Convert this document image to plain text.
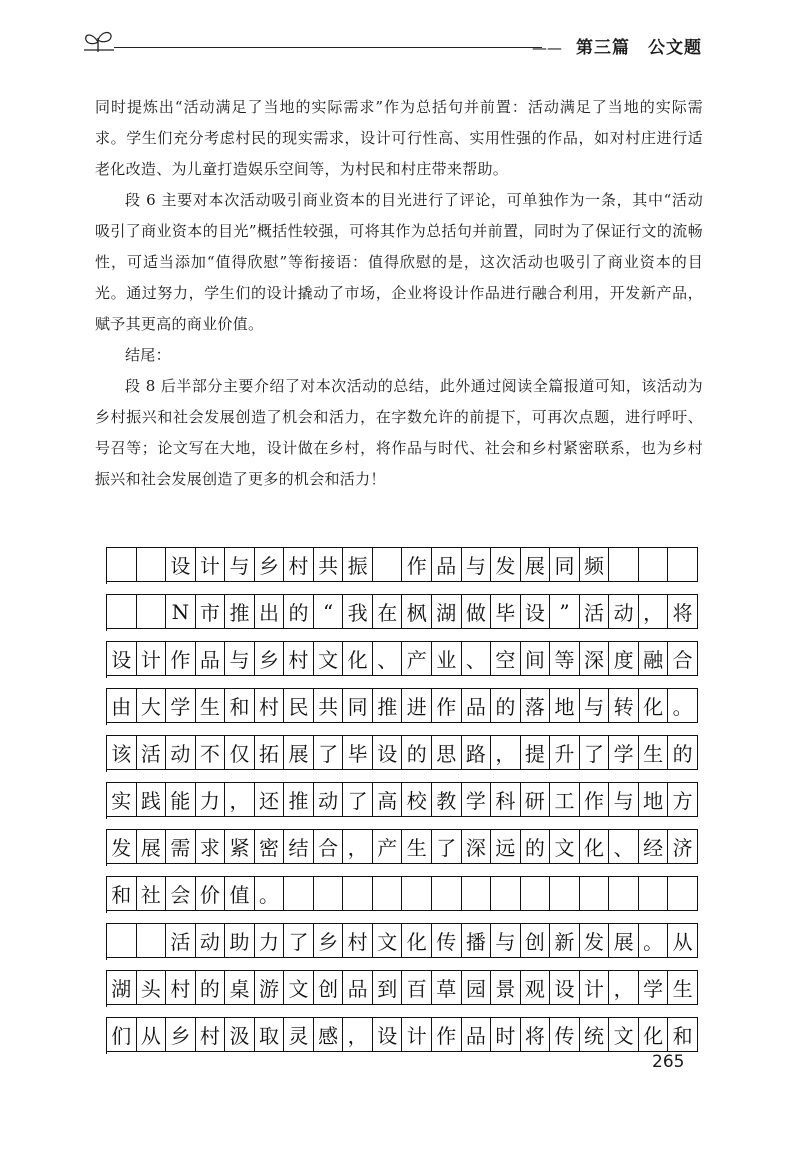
—— 第三篇　公文题

同时提炼出“活动满足了当地的实际需求”作为总括句并前置：活动满足了当地的实际需求。学生们充分考虑村民的现实需求，设计可行性高、实用性强的作品，如对村庄进行适老化改造、为儿童打造娱乐空间等，为村民和村庄带来帮助。

段 6 主要对本次活动吸引商业资本的目光进行了评论，可单独作为一条，其中“活动吸引了商业资本的目光”概括性较强，可将其作为总括句并前置，同时为了保证行文的流畅性，可适当添加“值得欣慰”等衔接语：值得欣慰的是，这次活动也吸引了商业资本的目光。通过努力，学生们的设计撬动了市场，企业将设计作品进行融合利用，开发新产品，赋予其更高的商业价值。

结尾：

段 8 后半部分主要介绍了对本次活动的总结，此外通过阅读全篇报道可知，该活动为乡村振兴和社会发展创造了机会和活力，在字数允许的前提下，可再次点题，进行呼吁、号召等；论文写在大地，设计做在乡村，将作品与时代、社会和乡村紧密联系，也为乡村振兴和社会发展创造了更多的机会和活力！

设 计 与 乡 村 共 振 作 品 与 发 展 同 频
N 市 推 出 的 “ 我 在 枫 湖 做 毕 设 ” 活 动 ， 将
设 计 作 品 与 乡 村 文 化 、 产 业 、 空 间 等 深 度 融 合
由 大 学 生 和 村 民 共 同 推 进 作 品 的 落 地 与 转 化 。
该 活 动 不 仅 拓 展 了 毕 设 的 思 路 ， 提 升 了 学 生 的
实 践 能 力 ， 还 推 动 了 高 校 教 学 科 研 工 作 与 地 方
发 展 需 求 紧 密 结 合 ， 产 生 了 深 远 的 文 化 、 经 济
和 社 会 价 值 。
活 动 助 力 了 乡 村 文 化 传 播 与 创 新 发 展 。 从
湖 头 村 的 桌 游 文 创 品 到 百 草 园 景 观 设 计 ， 学 生
们 从 乡 村 汲 取 灵 感 ， 设 计 作 品 时 将 传 统 文 化 和
265
